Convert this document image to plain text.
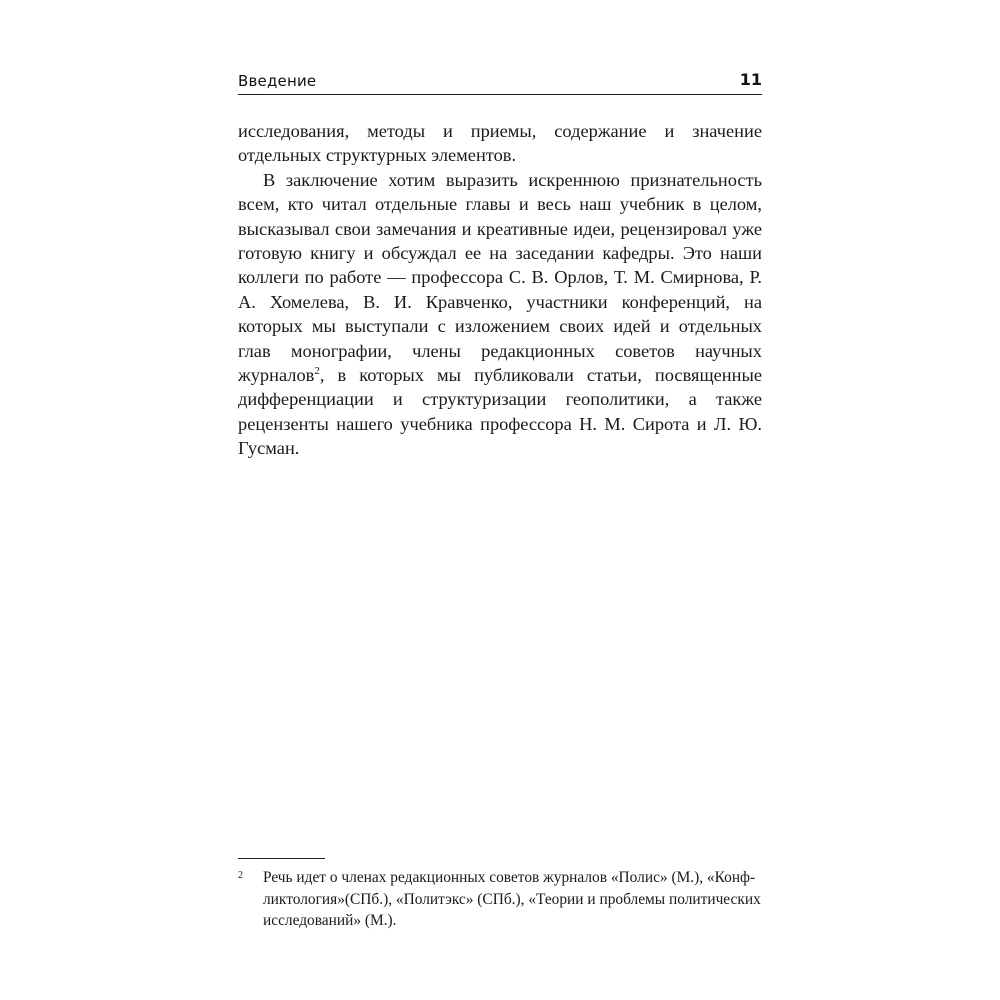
Введение	11

исследования, методы и приемы, содержание и значение отдельных структурных элементов.

В заключение хотим выразить искреннюю признательность всем, кто читал отдельные главы и весь наш учебник в целом, высказывал свои замечания и креативные идеи, рецензировал уже готовую книгу и обсуждал ее на заседании кафедры. Это наши коллеги по работе — профессора С. В. Орлов, Т. М. Смирнова, Р. А. Хомелева, В. И. Кравченко, участники конференций, на которых мы выступали с изложением своих идей и отдельных глав монографии, члены редакционных советов научных журналов$^2$, в которых мы публиковали статьи, посвященные дифференциации и структуризации геополитики, а также рецензенты нашего учебника профессора Н. М. Сирота и Л. Ю. Гусман.

2 Речь идет о членах редакционных советов журналов «Полис» (М.), «Конф-
ликтология»(СПб.), «Политэкс» (СПб.), «Теории и проблемы политических
исследований» (М.).
